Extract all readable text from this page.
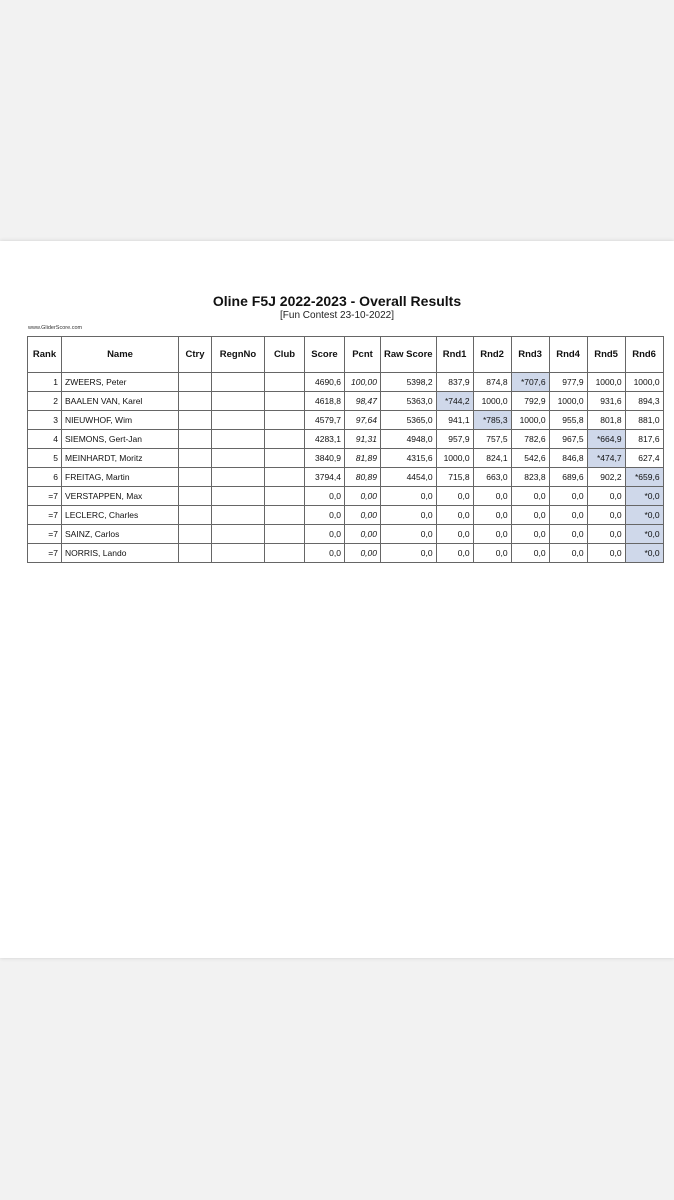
Oline F5J 2022-2023 - Overall Results
[Fun Contest 23-10-2022]
www.GliderScore.com
Rank	Name	Ctry	RegnNo	Club	Score	Pcnt	Raw Score	Rnd1	Rnd2	Rnd3	Rnd4	Rnd5	Rnd6
1	ZWEERS, Peter				4690,6	100,00	5398,2	837,9	874,8	*707,6	977,9	1000,0	1000,0
2	BAALEN VAN, Karel				4618,8	98,47	5363,0	*744,2	1000,0	792,9	1000,0	931,6	894,3
3	NIEUWHOF, Wim				4579,7	97,64	5365,0	941,1	*785,3	1000,0	955,8	801,8	881,0
4	SIEMONS, Gert-Jan				4283,1	91,31	4948,0	957,9	757,5	782,6	967,5	*664,9	817,6
5	MEINHARDT, Moritz				3840,9	81,89	4315,6	1000,0	824,1	542,6	846,8	*474,7	627,4
6	FREITAG, Martin				3794,4	80,89	4454,0	715,8	663,0	823,8	689,6	902,2	*659,6
=7	VERSTAPPEN, Max				0,0	0,00	0,0	0,0	0,0	0,0	0,0	0,0	*0,0
=7	LECLERC, Charles				0,0	0,00	0,0	0,0	0,0	0,0	0,0	0,0	*0,0
=7	SAINZ, Carlos				0,0	0,00	0,0	0,0	0,0	0,0	0,0	0,0	*0,0
=7	NORRIS, Lando				0,0	0,00	0,0	0,0	0,0	0,0	0,0	0,0	*0,0
